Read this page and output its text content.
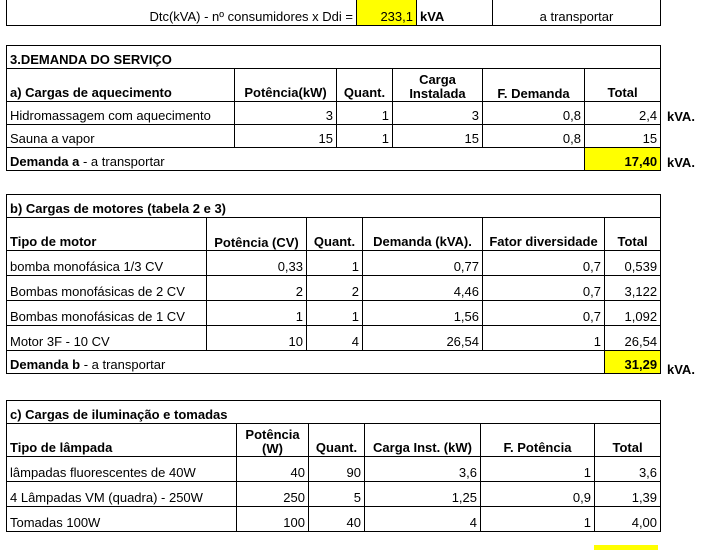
Dtc(kVA) - nº consumidores x Ddi =	233,1	kVA	a transportar
3.DEMANDA DO SERVIÇO					
a) Cargas de aquecimento	Potência(kW)	Quant.	Carga Instalada	F. Demanda	Total
Hidromassagem com aquecimento	3	1	3	0,8	2,4
Sauna a vapor	15	1	15	0,8	15
Demanda a - a transportar					17,40
kVA.
kVA.
b) Cargas de motores (tabela 2 e 3)					
Tipo de motor	Potência (CV)	Quant.	Demanda (kVA).	Fator diversidade	Total
bomba monofásica 1/3 CV	0,33	1	0,77	0,7	0,539
Bombas monofásicas de 2 CV	2	2	4,46	0,7	3,122
Bombas monofásicas de 1 CV	1	1	1,56	0,7	1,092
Motor 3F - 10 CV	10	4	26,54	1	26,54
Demanda b - a transportar					31,29 kVA.
c) Cargas de iluminação e tomadas					
Tipo de lâmpada	Potência (W)	Quant.	Carga Inst. (kW)	F. Potência	Total
lâmpadas fluorescentes de 40W	40	90	3,6	1	3,6
4 Lâmpadas VM (quadra) - 250W	250	5	1,25	0,9	1,39
Tomadas 100W	100	40	4	1	4,00
